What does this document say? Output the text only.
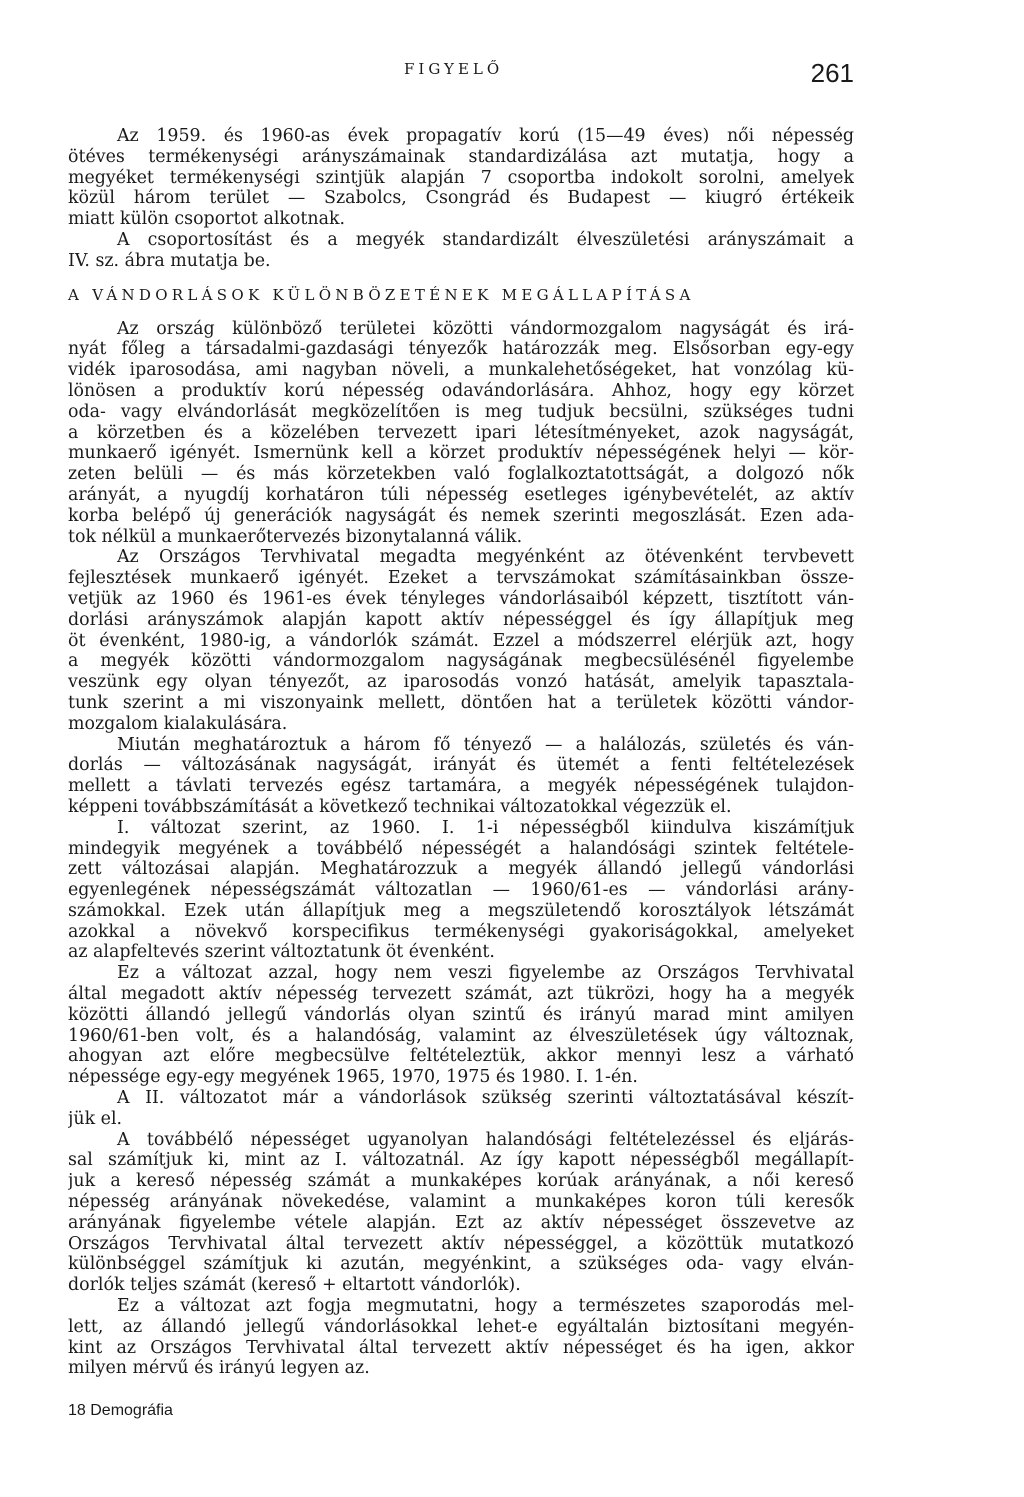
FIGYELŐ	261
Az 1959. és 1960-as évek propagatív korú (15—49 éves) női népesség
ötéves termékenységi arányszámainak standardizálása azt mutatja, hogy a
megyéket termékenységi szintjük alapján 7 csoportba indokolt sorolni, amelyek
közül három terület — Szabolcs, Csongrád és Budapest — kiugró értékeik
miatt külön csoportot alkotnak.
A csoportosítást és a megyék standardizált élveszületési arányszámait a
IV. sz. ábra mutatja be.
A VÁNDORLÁSOK KÜLÖNBÖZETÉNEK MEGÁLLAPÍTÁSA
Az ország különböző területei közötti vándormozgalom nagyságát és irá-
nyát főleg a társadalmi-gazdasági tényezők határozzák meg. Elsősorban egy-egy
vidék iparosodása, ami nagyban növeli, a munkalehetőségeket, hat vonzólag kü-
lönösen a produktív korú népesség odavándorlására. Ahhoz, hogy egy körzet
oda- vagy elvándorlását megközelítően is meg tudjuk becsülni, szükséges tudni
a körzetben és a közelében tervezett ipari létesítményeket, azok nagyságát,
munkaerő igényét. Ismernünk kell a körzet produktív népességének helyi — kör-
zeten belüli — és más körzetekben való foglalkoztatottságát, a dolgozó nők
arányát, a nyugdíj korhatáron túli népesség esetleges igénybevételét, az aktív
korba belépő új generációk nagyságát és nemek szerinti megoszlását. Ezen ada-
tok nélkül a munkaerőtervezés bizonytalanná válik.
Az Országos Tervhivatal megadta megyénként az ötévenként tervbevett
fejlesztések munkaerő igényét. Ezeket a tervszámokat számításainkban össze-
vetjük az 1960 és 1961-es évek tényleges vándorlásaiból képzett, tisztított ván-
dorlási arányszámok alapján kapott aktív népességgel és így állapítjuk meg
öt évenként, 1980-ig, a vándorlók számát. Ezzel a módszerrel elérjük azt, hogy
a megyék közötti vándormozgalom nagyságának megbecsülésénél figyelembe
veszünk egy olyan tényezőt, az iparosodás vonzó hatását, amelyik tapasztala-
tunk szerint a mi viszonyaink mellett, döntően hat a területek közötti vándor-
mozgalom kialakulására.
Miután meghatároztuk a három fő tényező — a halálozás, születés és ván-
dorlás — változásának nagyságát, irányát és ütemét a fenti feltételezések
mellett a távlati tervezés egész tartamára, a megyék népességének tulajdon-
képpeni továbbszámítását a következő technikai változatokkal végezzük el.
I. változat szerint, az 1960. I. 1-i népességből kiindulva kiszámítjuk
mindegyik megyének a továbbélő népességét a halandósági szintek feltétele-
zett változásai alapján. Meghatározzuk a megyék állandó jellegű vándorlási
egyenlegének népességszámát változatlan — 1960/61-es — vándorlási arány-
számokkal. Ezek után állapítjuk meg a megszületendő korosztályok létszámát
azokkal a növekvő korspecifikus termékenységi gyakoriságokkal, amelyeket
az alapfeltevés szerint változtatunk öt évenként.
Ez a változat azzal, hogy nem veszi figyelembe az Országos Tervhivatal
által megadott aktív népesség tervezett számát, azt tükrözi, hogy ha a megyék
közötti állandó jellegű vándorlás olyan szintű és irányú marad mint amilyen
1960/61-ben volt, és a halandóság, valamint az élveszületések úgy változnak,
ahogyan azt előre megbecsülve feltételeztük, akkor mennyi lesz a várható
népessége egy-egy megyének 1965, 1970, 1975 és 1980. I. 1-én.
A II. változatot már a vándorlások szükség szerinti változtatásával készít-
jük el.
A továbbélő népességet ugyanolyan halandósági feltételezéssel és eljárás-
sal számítjuk ki, mint az I. változatnál. Az így kapott népességből megállapít-
juk a kereső népesség számát a munkaképes korúak arányának, a női kereső
népesség arányának növekedése, valamint a munkaképes koron túli keresők
arányának figyelembe vétele alapján. Ezt az aktív népességet összevetve az
Országos Tervhivatal által tervezett aktív népességgel, a közöttük mutatkozó
különbséggel számítjuk ki azután, megyénkint, a szükséges oda- vagy elván-
dorlók teljes számát (kereső + eltartott vándorlók).
Ez a változat azt fogja megmutatni, hogy a természetes szaporodás mel-
lett, az állandó jellegű vándorlásokkal lehet-e egyáltalán biztosítani megyén-
kint az Országos Tervhivatal által tervezett aktív népességet és ha igen, akkor
milyen mérvű és irányú legyen az.
18 Demográfia
